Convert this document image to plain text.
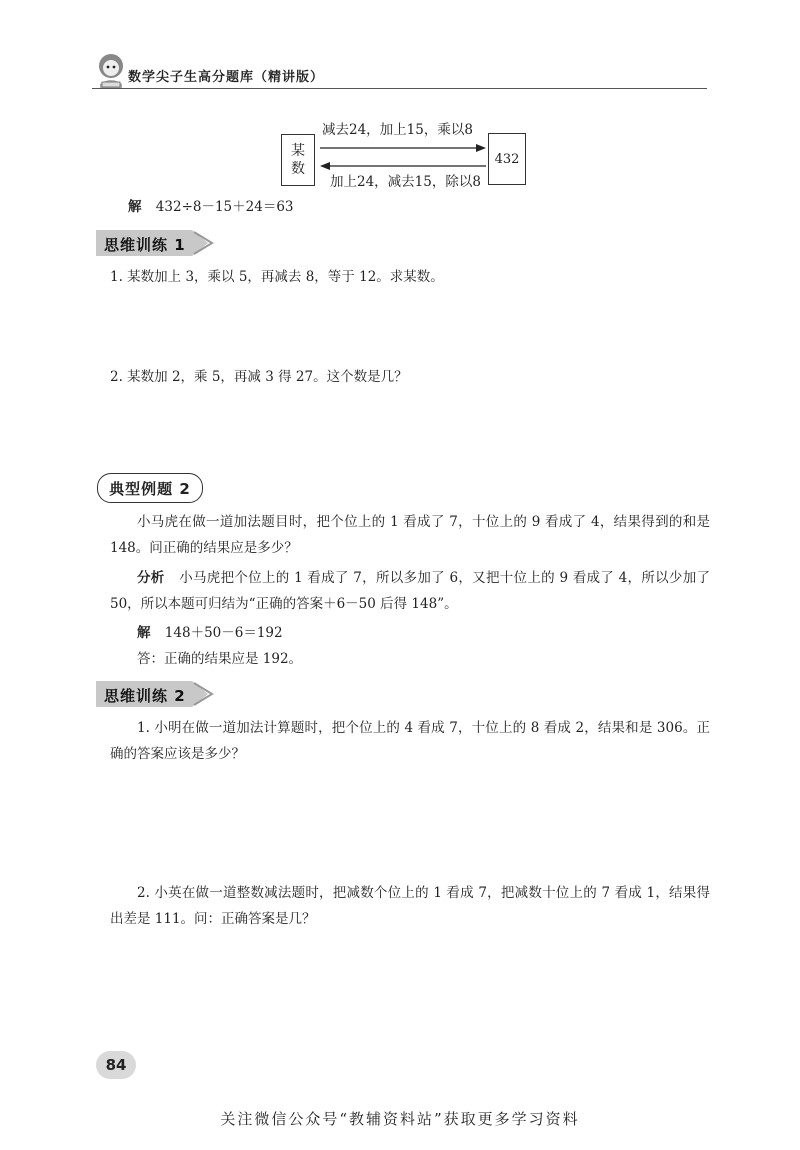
数学尖子生高分题库（精讲版）
某
数
减去24，加上15，乘以8
加上24，减去15，除以8
432
解 432÷8－15＋24＝63
思维训练 1
1. 某数加上 3，乘以 5，再减去 8，等于 12。求某数。
2. 某数加 2，乘 5，再减 3 得 27。这个数是几？
典型例题 2
小马虎在做一道加法题目时，把个位上的 1 看成了 7，十位上的 9 看成了 4，结果得到的和是 148。问正确的结果应是多少？
分析 小马虎把个位上的 1 看成了 7，所以多加了 6，又把十位上的 9 看成了 4，所以少加了 50，所以本题可归结为“正确的答案＋6－50 后得 148”。
解 148＋50－6＝192
答：正确的结果应是 192。
思维训练 2
1. 小明在做一道加法计算题时，把个位上的 4 看成 7，十位上的 8 看成 2，结果和是 306。正确的答案应该是多少？
2. 小英在做一道整数减法题时，把减数个位上的 1 看成 7，把减数十位上的 7 看成 1，结果得出差是 111。问：正确答案是几？
84
关注微信公众号“教辅资料站”获取更多学习资料
